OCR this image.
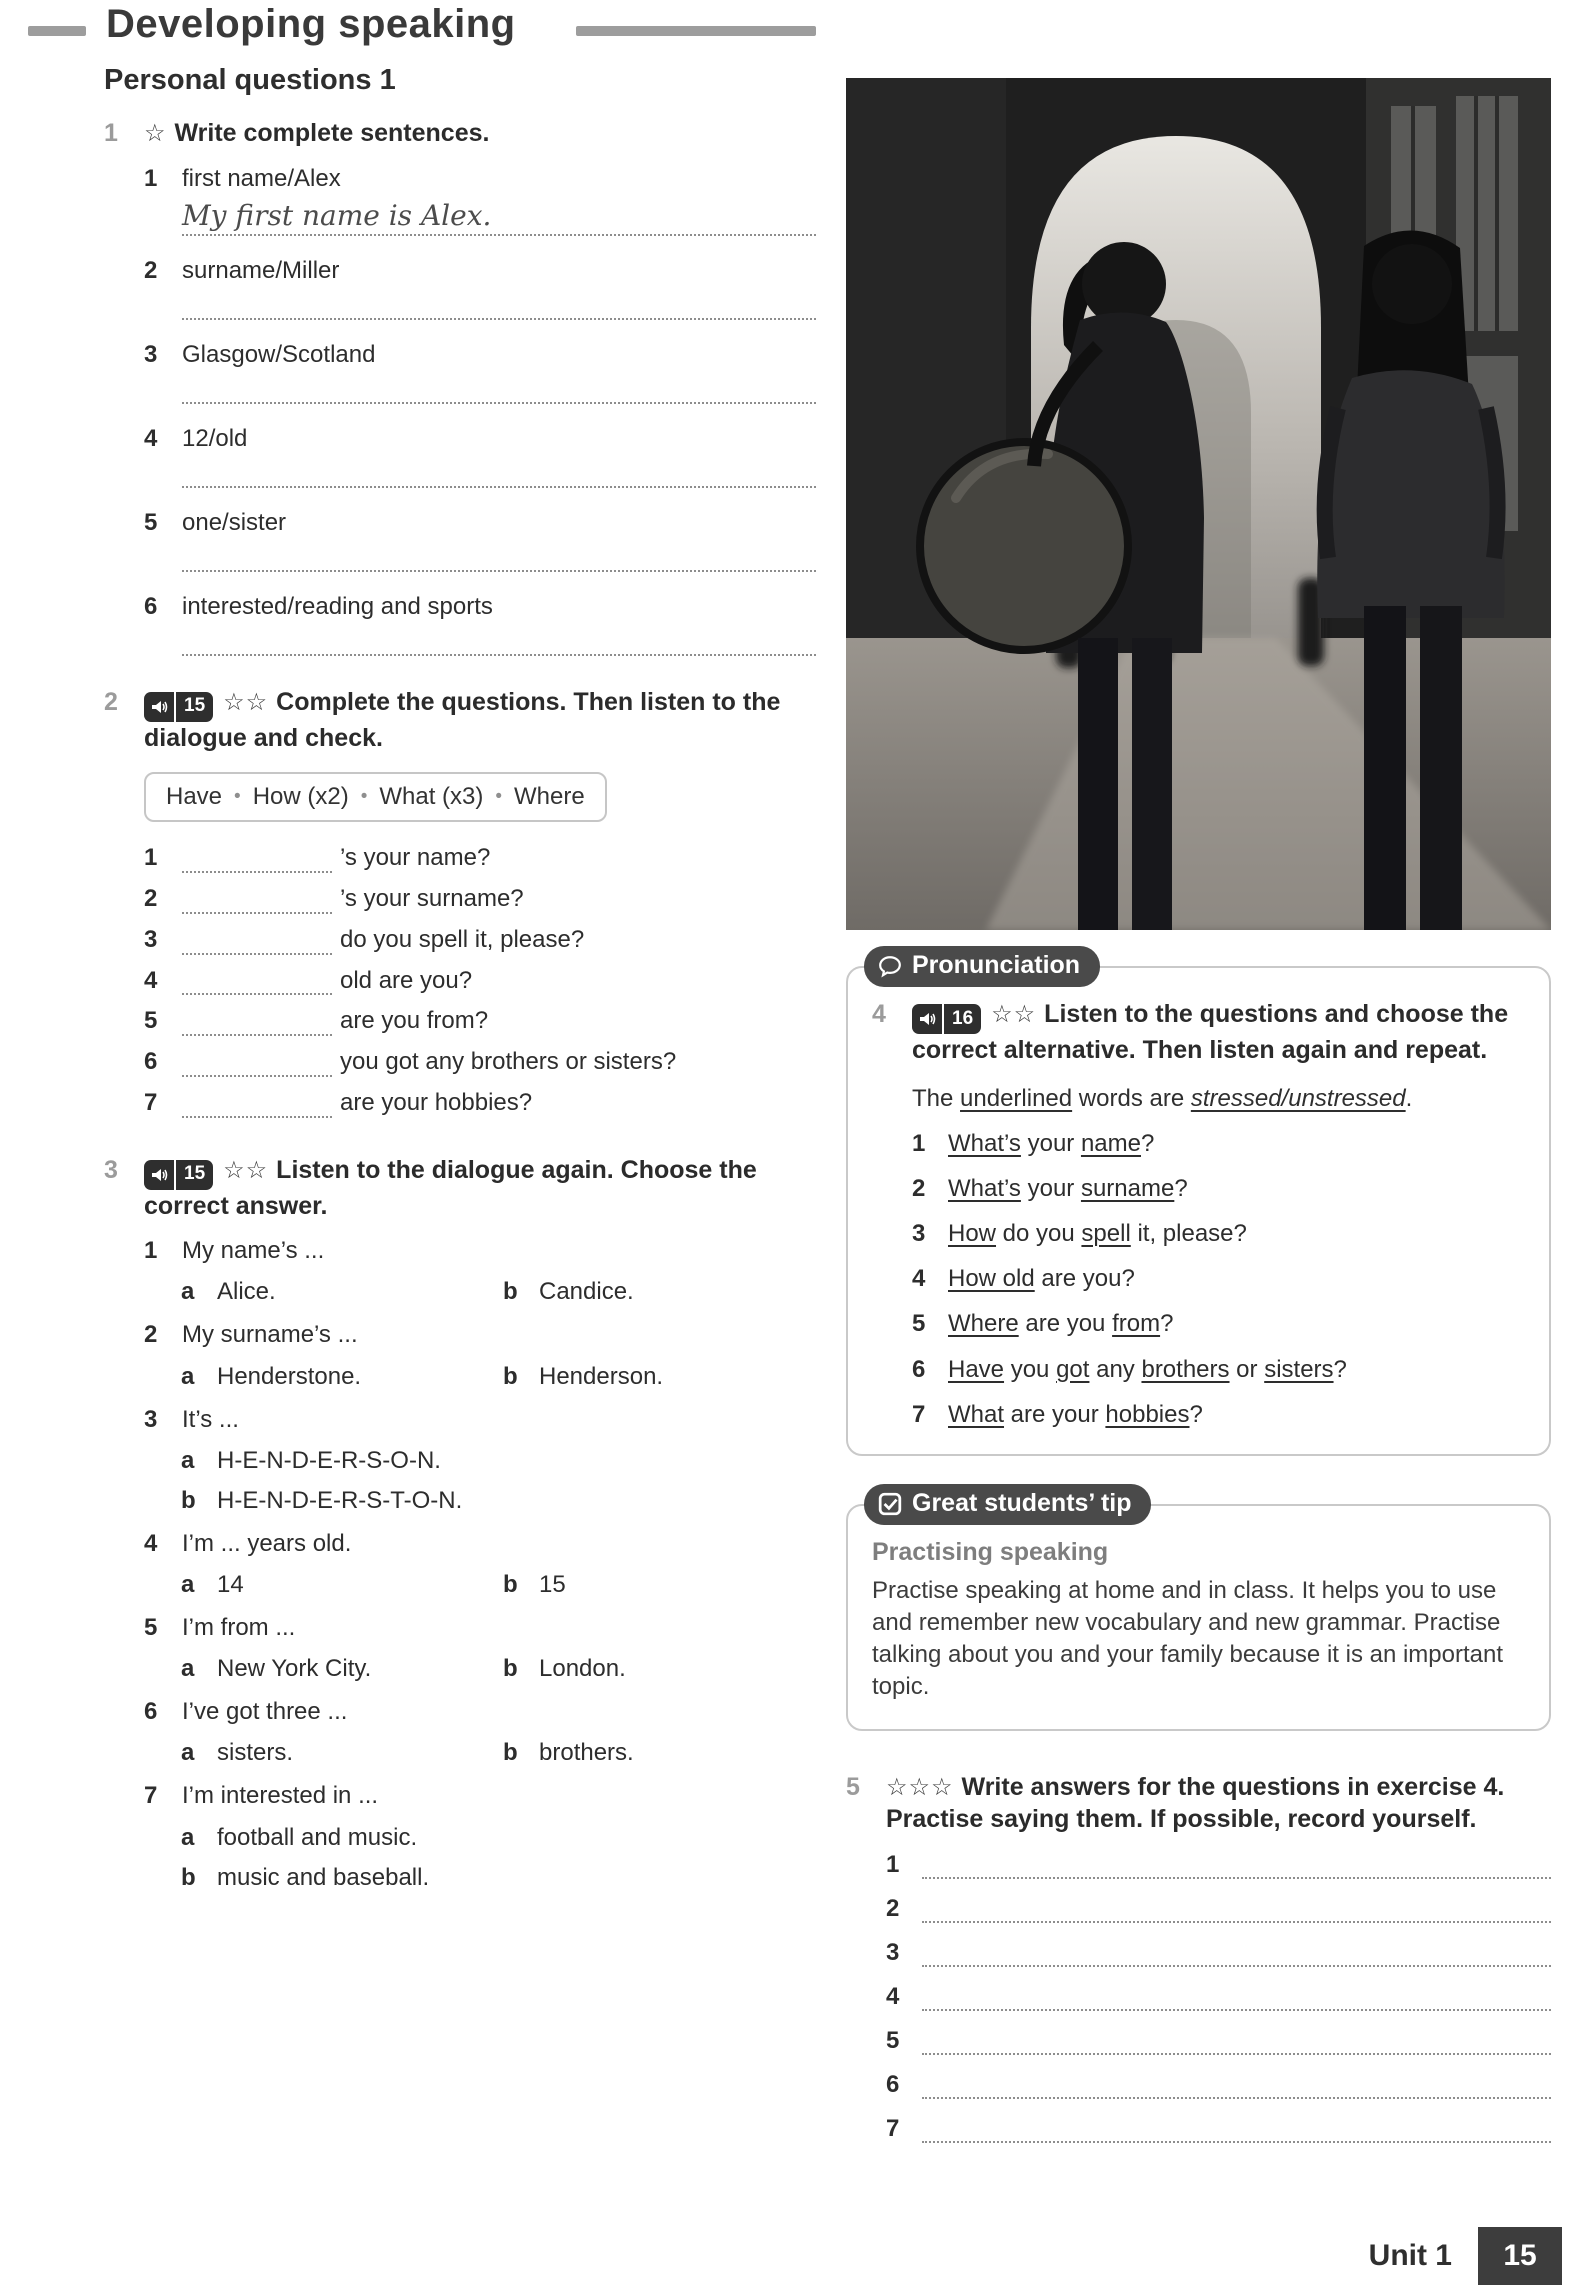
Developing speaking
Personal questions 1
1	☆ Write complete sentences.
1	first name/Alex
My first name is Alex.
2	surname/Miller
3	Glasgow/Scotland
4	12/old
5	one/sister
6	interested/reading and sports
2	15 ☆☆ Complete the questions. Then listen to the dialogue and check.
Have • How (x2) • What (x3) • Where
1	’s your name?
2	’s your surname?
3	do you spell it, please?
4	old are you?
5	are you from?
6	you got any brothers or sisters?
7	are your hobbies?
3	15 ☆☆ Listen to the dialogue again. Choose the correct answer.
1	My name’s ...
a Alice.	b Candice.
2	My surname’s ...
a Henderstone.	b Henderson.
3	It’s ...
a H-E-N-D-E-R-S-O-N.
b H-E-N-D-E-R-S-T-O-N.
4	I’m ... years old.
a 14	b 15
5	I’m from ...
a New York City.	b London.
6	I’ve got three ...
a sisters.	b brothers.
7	I’m interested in ...
a football and music.
b music and baseball.
Pronunciation
4	16 ☆☆ Listen to the questions and choose the correct alternative. Then listen again and repeat.
The underlined words are stressed/unstressed.
1 What’s your name?
2 What’s your surname?
3 How do you spell it, please?
4 How old are you?
5 Where are you from?
6 Have you got any brothers or sisters?
7 What are your hobbies?
Great students’ tip
Practising speaking
Practise speaking at home and in class. It helps you to use and remember new vocabulary and new grammar. Practise talking about you and your family because it is an important topic.
5	☆☆☆ Write answers for the questions in exercise 4. Practise saying them. If possible, record yourself.
1
2
3
4
5
6
7
Unit 1 15
